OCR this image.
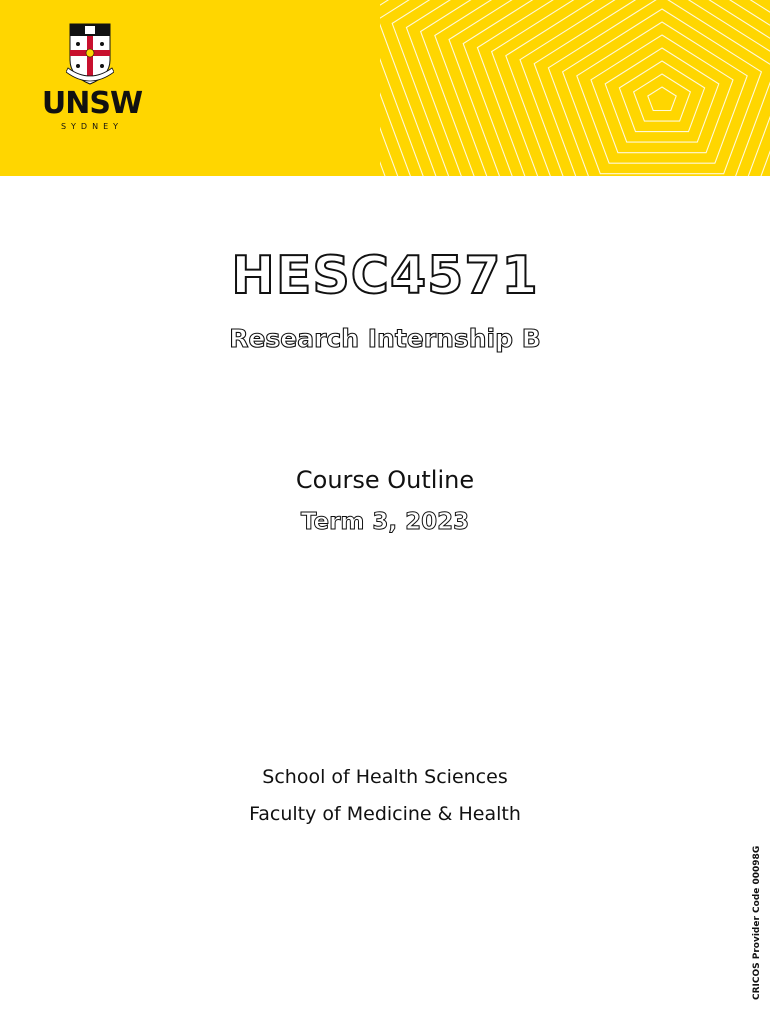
UNSW
SYDNEY
HESC4571
Research Internship B
Course Outline
Term 3, 2023
School of Health Sciences
Faculty of Medicine & Health
CRICOS Provider Code 00098G
